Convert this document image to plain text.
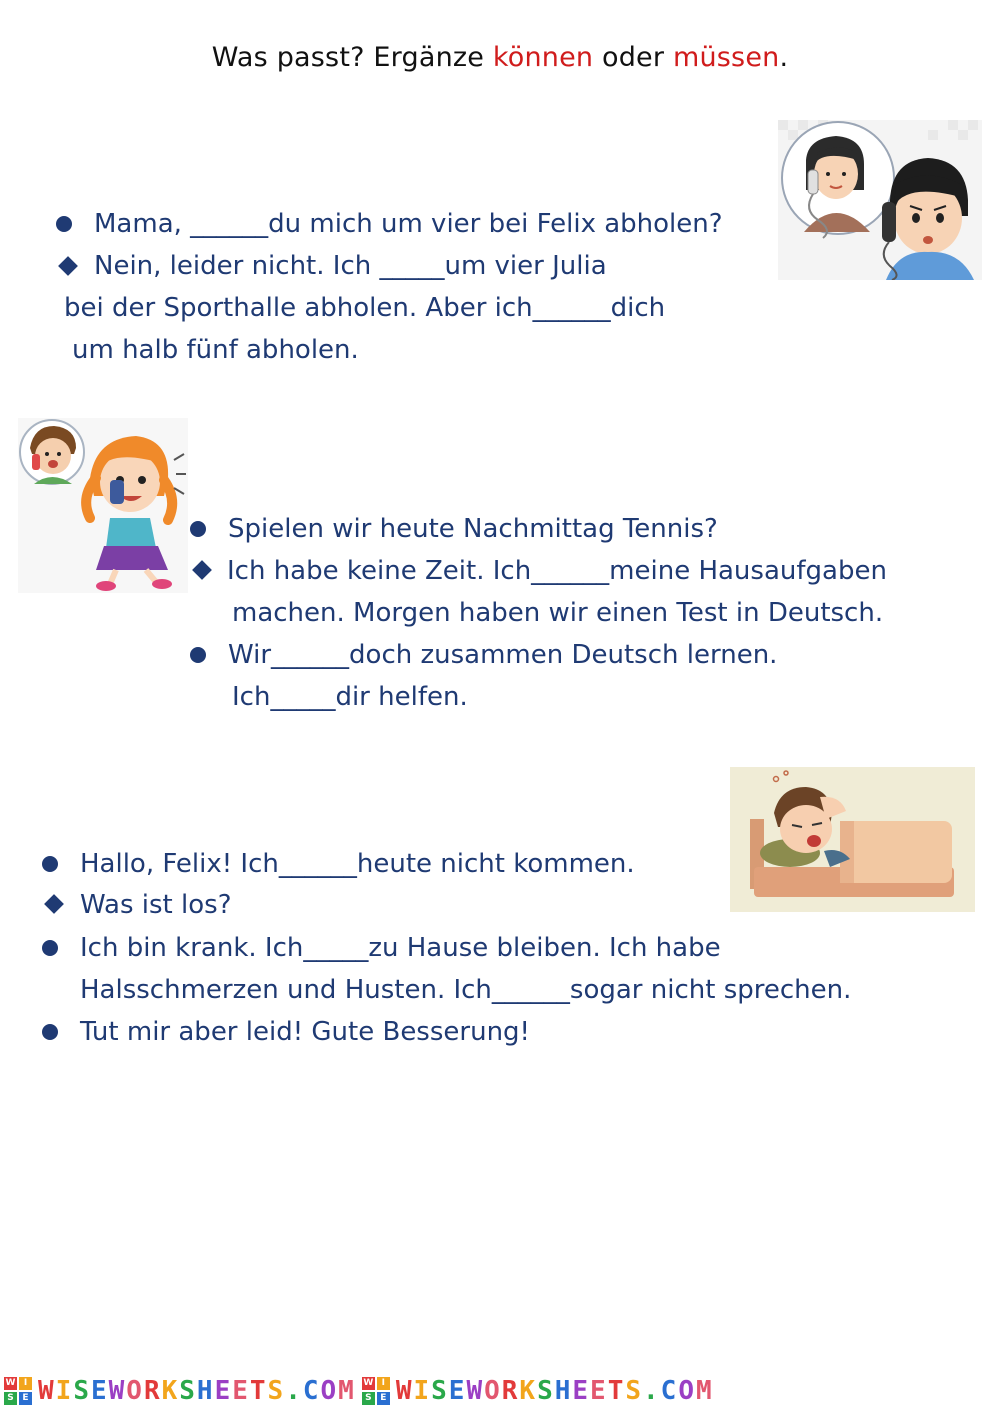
Was passt? Ergänze können oder müssen.
Mama, ______du mich um vier bei Felix abholen?
Nein, leider nicht. Ich _____um vier Julia
bei der Sporthalle abholen. Aber ich______dich
um halb fünf abholen.
Spielen wir heute Nachmittag Tennis?
Ich habe keine Zeit. Ich______meine Hausaufgaben
machen. Morgen haben wir einen Test in Deutsch.
Wir______doch zusammen Deutsch lernen.
Ich_____dir helfen.
Hallo, Felix! Ich______heute nicht kommen.
Was ist los?
Ich bin krank. Ich_____zu Hause bleiben. Ich habe
Halsschmerzen und Husten. Ich______sogar nicht sprechen.
Tut mir aber leid! Gute Besserung!
W I
S E WISEWORKSHEETS.COM W I
S E WISEWORKSHEETS.COM
